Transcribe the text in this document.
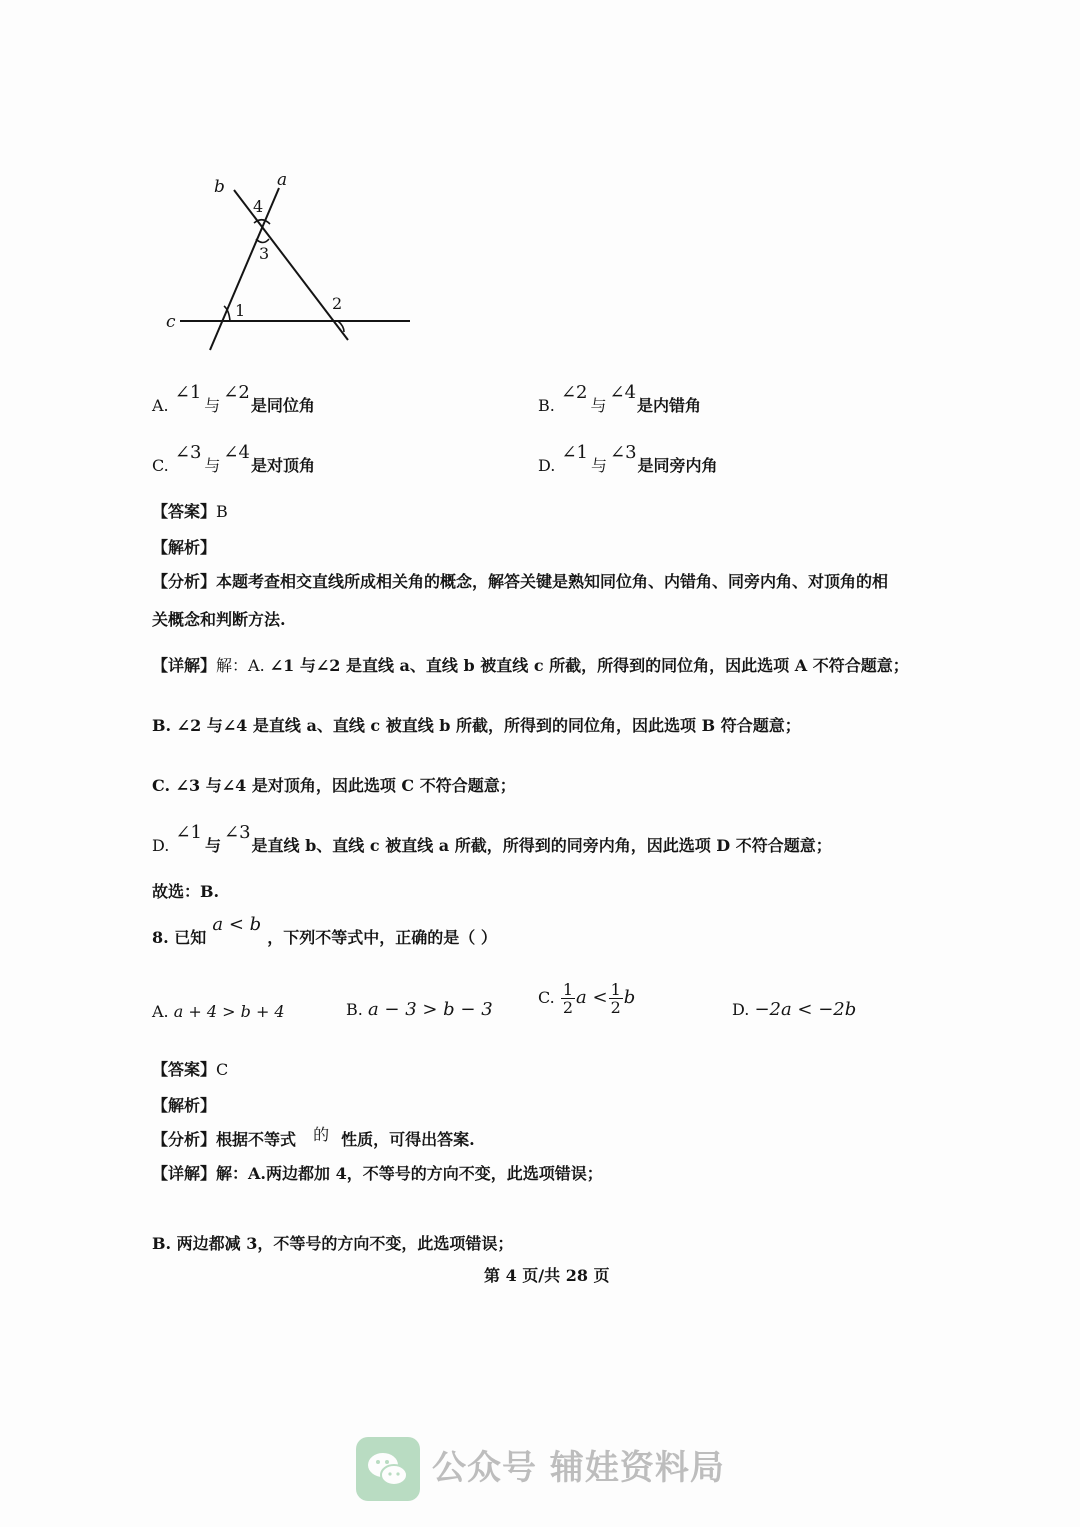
a
b
c
1	2
3
4
A. ∠1与∠2是同位角	B. ∠2与∠4是内错角
C. ∠3与∠4是对顶角	D. ∠1与∠3是同旁内角
【答案】B
【解析】
【分析】本题考查相交直线所成相关角的概念，解答关键是熟知同位角、内错角、同旁内角、对顶角的相
关概念和判断方法.
【详解】解：A. ∠1 与∠2 是直线 a、直线 b 被直线 c 所截，所得到的同位角，因此选项 A 不符合题意；
B. ∠2 与∠4 是直线 a、直线 c 被直线 b 所截，所得到的同位角，因此选项 B 符合题意；
C. ∠3 与∠4 是对顶角，因此选项 C 不符合题意；
D. ∠1与∠3是直线 b、直线 c 被直线 a 所截，所得到的同旁内角，因此选项 D 不符合题意；
故选：B.
8. 已知 a < b ，下列不等式中，正确的是（ ）
A. a + 4 > b + 4	B. a − 3 > b − 3
C. $\frac{1}{2}$ $a < \frac{1}{2}$ b
D. −2a < −2b
【答案】C
【解析】
【分析】根据不等式 的 性质，可得出答案.
【详解】解：A.两边都加 4，不等号的方向不变，此选项错误；
B. 两边都减 3，不等号的方向不变，此选项错误；
第 4 页/共 28 页
公众号 辅娃资料局
